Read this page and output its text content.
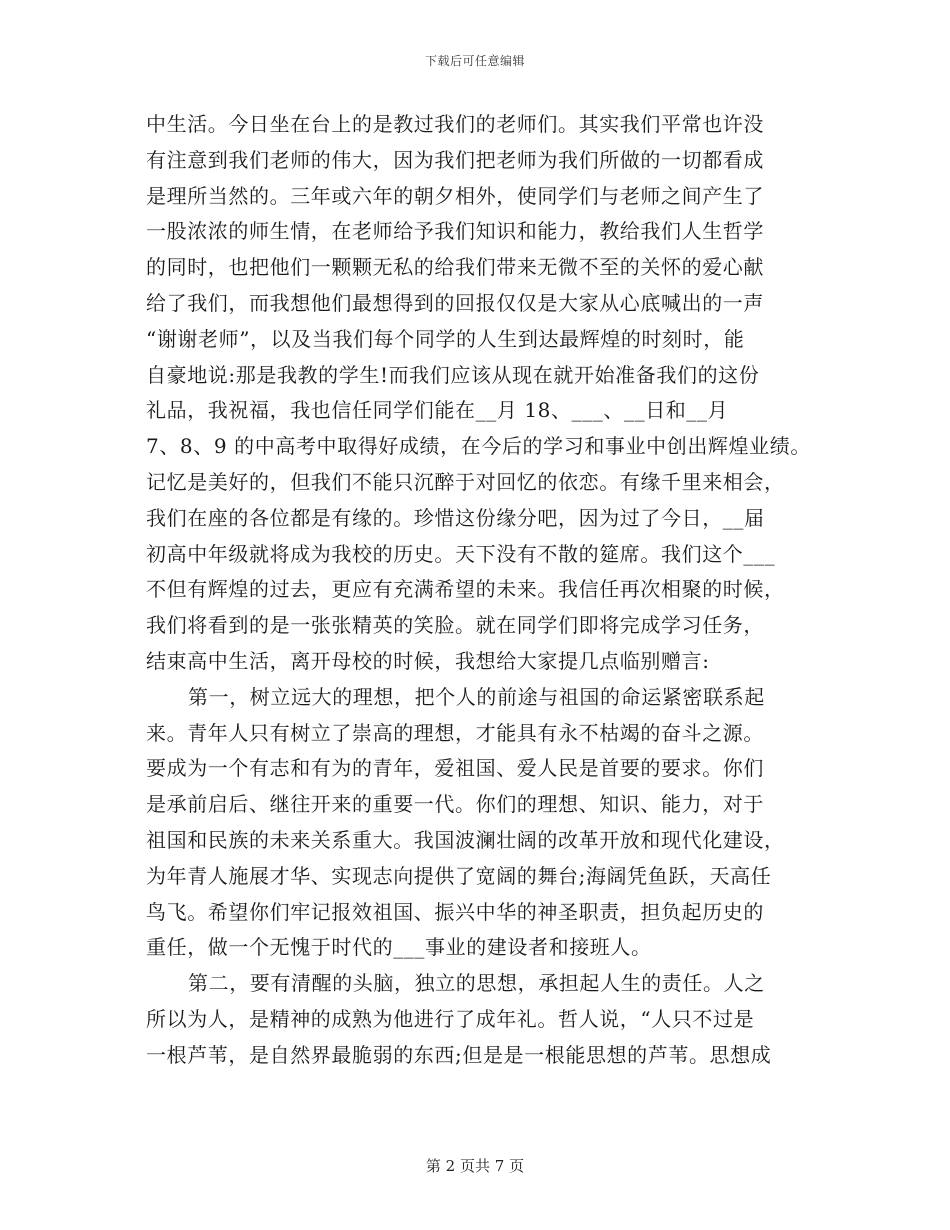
下载后可任意编辑
中生活。今日坐在台上的是教过我们的老师们。其实我们平常也许没
有注意到我们老师的伟大，因为我们把老师为我们所做的一切都看成
是理所当然的。三年或六年的朝夕相外，使同学们与老师之间产生了
一股浓浓的师生情，在老师给予我们知识和能力，教给我们人生哲学
的同时，也把他们一颗颗无私的给我们带来无微不至的关怀的爱心献
给了我们，而我想他们最想得到的回报仅仅是大家从心底喊出的一声
“谢谢老师”，以及当我们每个同学的人生到达最辉煌的时刻时，能
自豪地说:那是我教的学生!而我们应该从现在就开始准备我们的这份
礼品，我祝福，我也信任同学们能在__月 18、___、__日和__月
7、8、9 的中高考中取得好成绩，在今后的学习和事业中创出辉煌业绩。
记忆是美好的，但我们不能只沉醉于对回忆的依恋。有缘千里来相会，
我们在座的各位都是有缘的。珍惜这份缘分吧，因为过了今日，__届
初高中年级就将成为我校的历史。天下没有不散的筵席。我们这个___
不但有辉煌的过去，更应有充满希望的未来。我信任再次相聚的时候，
我们将看到的是一张张精英的笑脸。就在同学们即将完成学习任务，
结束高中生活，离开母校的时候，我想给大家提几点临别赠言:
第一，树立远大的理想，把个人的前途与祖国的命运紧密联系起
来。青年人只有树立了崇高的理想，才能具有永不枯竭的奋斗之源。
要成为一个有志和有为的青年，爱祖国、爱人民是首要的要求。你们
是承前启后、继往开来的重要一代。你们的理想、知识、能力，对于
祖国和民族的未来关系重大。我国波澜壮阔的改革开放和现代化建设，
为年青人施展才华、实现志向提供了宽阔的舞台;海阔凭鱼跃，天高任
鸟飞。希望你们牢记报效祖国、振兴中华的神圣职责，担负起历史的
重任，做一个无愧于时代的___事业的建设者和接班人。
第二，要有清醒的头脑，独立的思想，承担起人生的责任。人之
所以为人，是精神的成熟为他进行了成年礼。哲人说，“人只不过是
一根芦苇，是自然界最脆弱的东西;但是是一根能思想的芦苇。思想成
第 2 页共 7 页
